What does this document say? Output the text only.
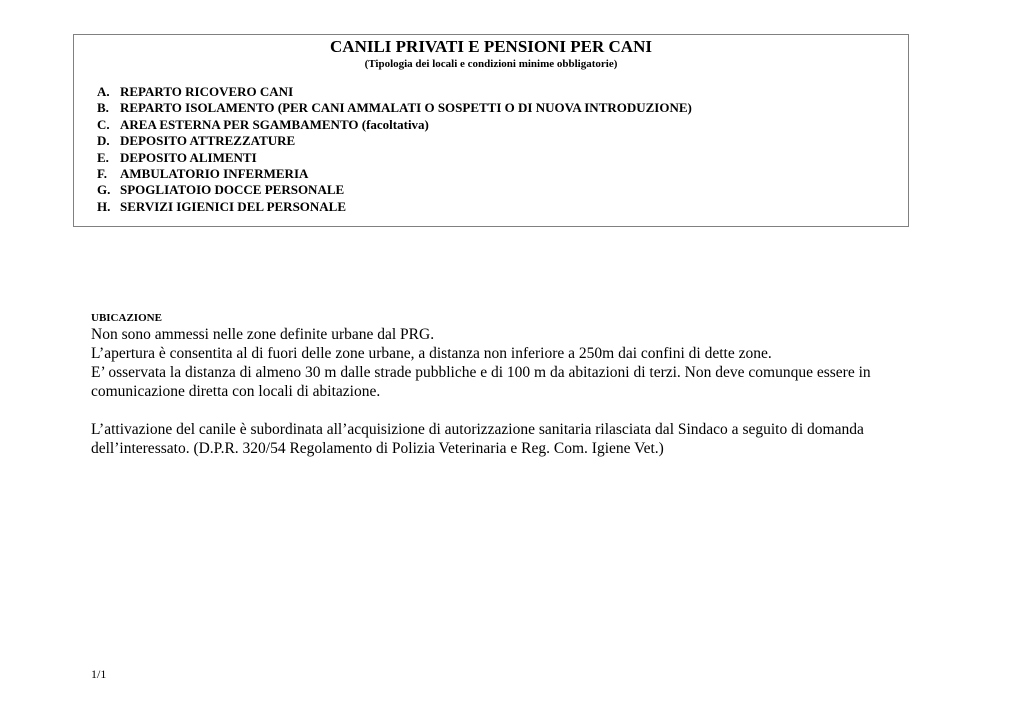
CANILI PRIVATI E PENSIONI PER CANI
(Tipologia dei locali e condizioni minime obbligatorie)
A. REPARTO RICOVERO CANI
B. REPARTO ISOLAMENTO (PER CANI AMMALATI O SOSPETTI O DI NUOVA INTRODUZIONE)
C. AREA ESTERNA PER SGAMBAMENTO (facoltativa)
D. DEPOSITO ATTREZZATURE
E. DEPOSITO ALIMENTI
F. AMBULATORIO INFERMERIA
G. SPOGLIATOIO DOCCE PERSONALE
H. SERVIZI IGIENICI DEL PERSONALE
UBICAZIONE

Non sono ammessi nelle zone definite urbane dal PRG.

L’apertura è consentita al di fuori delle zone urbane, a distanza non inferiore a 250m dai confini di dette zone.

E’ osservata la distanza di almeno 30 m dalle strade pubbliche e di 100 m da abitazioni di terzi. Non deve comunque essere in comunicazione diretta con locali di abitazione.

L’attivazione del canile è subordinata all’acquisizione di autorizzazione sanitaria rilasciata dal Sindaco a seguito di domanda dell’interessato. (D.P.R. 320/54 Regolamento di Polizia Veterinaria e Reg. Com. Igiene Vet.)

1/1
